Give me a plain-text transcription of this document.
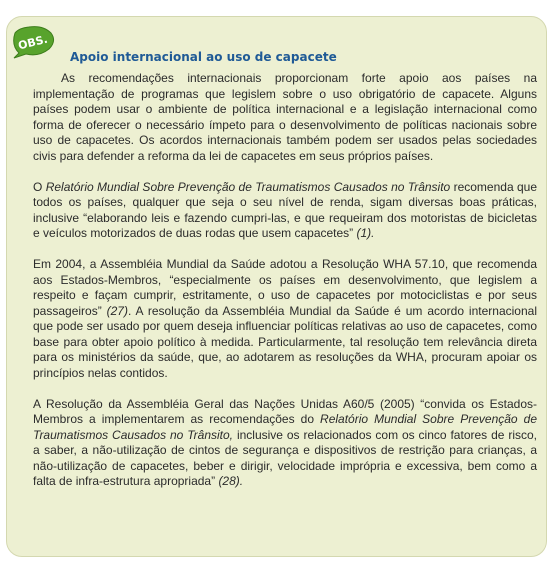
OBS.
Apoio internacional ao uso de capacete

As recomendações internacionais proporcionam forte apoio aos países na implementação de programas que legislem sobre o uso obrigatório de capacete. Alguns países podem usar o ambiente de política internacional e a legislação internacional como forma de oferecer o necessário ímpeto para o desenvolvimento de políticas nacionais sobre uso de capacetes. Os acordos internacionais também podem ser usados pelas sociedades civis para defender a reforma da lei de capacetes em seus próprios países.

O Relatório Mundial Sobre Prevenção de Traumatismos Causados no Trânsito recomenda que todos os países, qualquer que seja o seu nível de renda, sigam diversas boas práticas, inclusive “elaborando leis e fazendo cumpri-las, e que requeiram dos motoristas de bicicletas e veículos motorizados de duas rodas que usem capacetes” (1).

Em 2004, a Assembléia Mundial da Saúde adotou a Resolução WHA 57.10, que recomenda aos Estados-Membros, “especialmente os países em desenvolvimento, que legislem a respeito e façam cumprir, estritamente, o uso de capacetes por motociclistas e por seus passageiros” (27). A resolução da Assembléia Mundial da Saúde é um acordo internacional que pode ser usado por quem deseja influenciar políticas relativas ao uso de capacetes, como base para obter apoio político à medida. Particularmente, tal resolução tem relevância direta para os ministérios da saúde, que, ao adotarem as resoluções da WHA, procuram apoiar os princípios nelas contidos.

A Resolução da Assembléia Geral das Nações Unidas A60/5 (2005) “convida os Estados-Membros a implementarem as recomendações do Relatório Mundial Sobre Prevenção de Traumatismos Causados no Trânsito, inclusive os relacionados com os cinco fatores de risco, a saber, a não-utilização de cintos de segurança e dispositivos de restrição para crianças, a não-utilização de capacetes, beber e dirigir, velocidade imprópria e excessiva, bem como a falta de infra-estrutura apropriada” (28).
